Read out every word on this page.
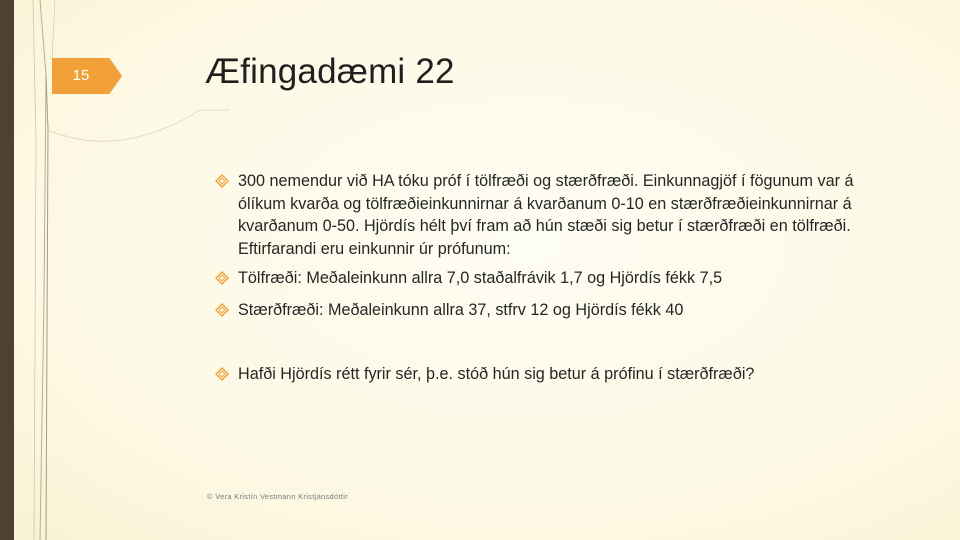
15	Æfingadæmi 22
300 nemendur við HA tóku próf í tölfræði og stærðfræði. Einkunnagjöf í fögunum var á ólíkum kvarða og tölfræðieinkunnirnar á kvarðanum 0-10 en stærðfræðieinkunnirnar á kvarðanum 0-50. Hjördís hélt því fram að hún stæði sig betur í stærðfræði en tölfræði. Eftirfarandi eru einkunnir úr prófunum:
Tölfræði: Meðaleinkunn allra 7,0 staðalfrávik 1,7 og Hjördís fékk 7,5
Stærðfræði: Meðaleinkunn allra 37, stfrv 12 og Hjördís fékk 40
Hafði Hjördís rétt fyrir sér, þ.e. stóð hún sig betur á prófinu í stærðfræði?
© Vera Kristín Vestmann Kristjánsdóttir
